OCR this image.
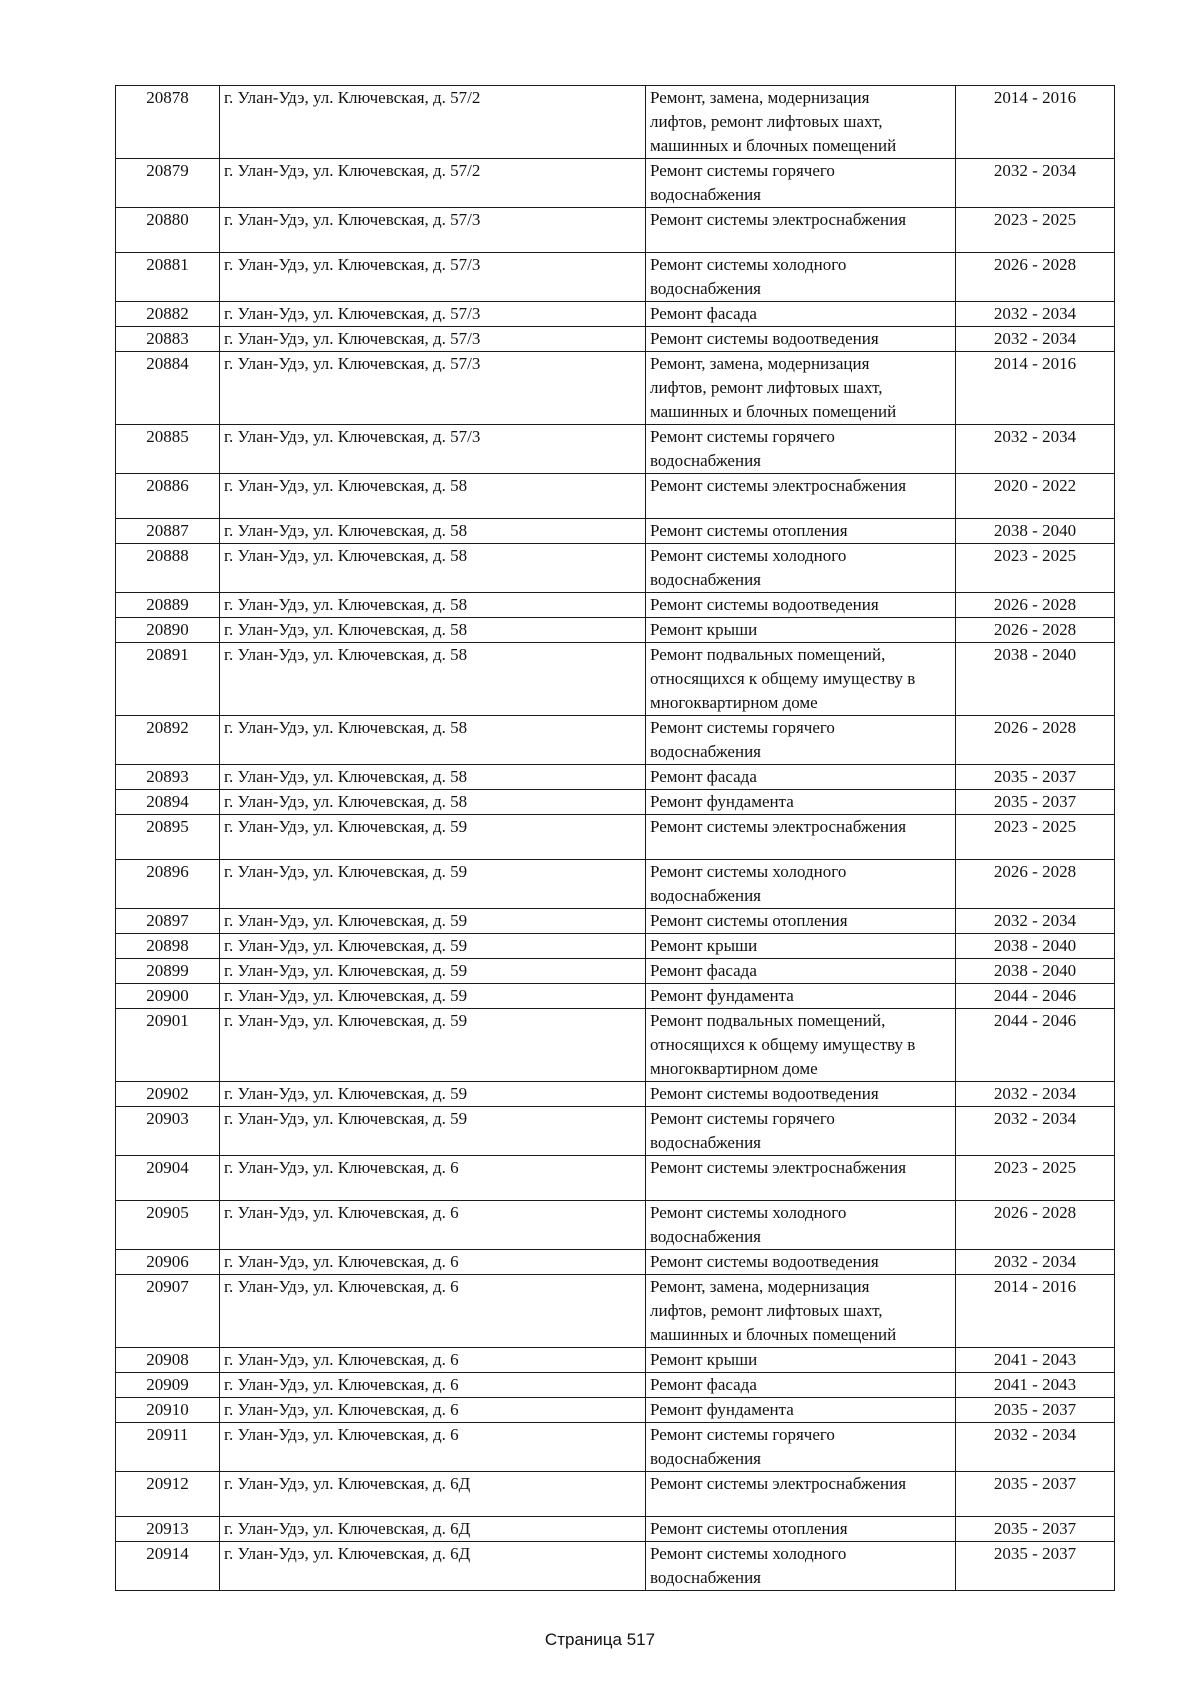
20878	г. Улан-Удэ, ул. Ключевская, д. 57/2	Ремонт, замена, модернизация
лифтов, ремонт лифтовых шахт,
машинных и блочных помещений	2014 - 2016
20879	г. Улан-Удэ, ул. Ключевская, д. 57/2	Ремонт системы горячего
водоснабжения	2032 - 2034
20880	г. Улан-Удэ, ул. Ключевская, д. 57/3	Ремонт системы электроснабжения	2023 - 2025
20881	г. Улан-Удэ, ул. Ключевская, д. 57/3	Ремонт системы холодного
водоснабжения	2026 - 2028
20882	г. Улан-Удэ, ул. Ключевская, д. 57/3	Ремонт фасада	2032 - 2034
20883	г. Улан-Удэ, ул. Ключевская, д. 57/3	Ремонт системы водоотведения	2032 - 2034
20884	г. Улан-Удэ, ул. Ключевская, д. 57/3	Ремонт, замена, модернизация
лифтов, ремонт лифтовых шахт,
машинных и блочных помещений	2014 - 2016
20885	г. Улан-Удэ, ул. Ключевская, д. 57/3	Ремонт системы горячего
водоснабжения	2032 - 2034
20886	г. Улан-Удэ, ул. Ключевская, д. 58	Ремонт системы электроснабжения	2020 - 2022
20887	г. Улан-Удэ, ул. Ключевская, д. 58	Ремонт системы отопления	2038 - 2040
20888	г. Улан-Удэ, ул. Ключевская, д. 58	Ремонт системы холодного
водоснабжения	2023 - 2025
20889	г. Улан-Удэ, ул. Ключевская, д. 58	Ремонт системы водоотведения	2026 - 2028
20890	г. Улан-Удэ, ул. Ключевская, д. 58	Ремонт крыши	2026 - 2028
20891	г. Улан-Удэ, ул. Ключевская, д. 58	Ремонт подвальных помещений,
относящихся к общему имуществу в
многоквартирном доме	2038 - 2040
20892	г. Улан-Удэ, ул. Ключевская, д. 58	Ремонт системы горячего
водоснабжения	2026 - 2028
20893	г. Улан-Удэ, ул. Ключевская, д. 58	Ремонт фасада	2035 - 2037
20894	г. Улан-Удэ, ул. Ключевская, д. 58	Ремонт фундамента	2035 - 2037
20895	г. Улан-Удэ, ул. Ключевская, д. 59	Ремонт системы электроснабжения	2023 - 2025
20896	г. Улан-Удэ, ул. Ключевская, д. 59	Ремонт системы холодного
водоснабжения	2026 - 2028
20897	г. Улан-Удэ, ул. Ключевская, д. 59	Ремонт системы отопления	2032 - 2034
20898	г. Улан-Удэ, ул. Ключевская, д. 59	Ремонт крыши	2038 - 2040
20899	г. Улан-Удэ, ул. Ключевская, д. 59	Ремонт фасада	2038 - 2040
20900	г. Улан-Удэ, ул. Ключевская, д. 59	Ремонт фундамента	2044 - 2046
20901	г. Улан-Удэ, ул. Ключевская, д. 59	Ремонт подвальных помещений,
относящихся к общему имуществу в
многоквартирном доме	2044 - 2046
20902	г. Улан-Удэ, ул. Ключевская, д. 59	Ремонт системы водоотведения	2032 - 2034
20903	г. Улан-Удэ, ул. Ключевская, д. 59	Ремонт системы горячего
водоснабжения	2032 - 2034
20904	г. Улан-Удэ, ул. Ключевская, д. 6	Ремонт системы электроснабжения	2023 - 2025
20905	г. Улан-Удэ, ул. Ключевская, д. 6	Ремонт системы холодного
водоснабжения	2026 - 2028
20906	г. Улан-Удэ, ул. Ключевская, д. 6	Ремонт системы водоотведения	2032 - 2034
20907	г. Улан-Удэ, ул. Ключевская, д. 6	Ремонт, замена, модернизация
лифтов, ремонт лифтовых шахт,
машинных и блочных помещений	2014 - 2016
20908	г. Улан-Удэ, ул. Ключевская, д. 6	Ремонт крыши	2041 - 2043
20909	г. Улан-Удэ, ул. Ключевская, д. 6	Ремонт фасада	2041 - 2043
20910	г. Улан-Удэ, ул. Ключевская, д. 6	Ремонт фундамента	2035 - 2037
20911	г. Улан-Удэ, ул. Ключевская, д. 6	Ремонт системы горячего
водоснабжения	2032 - 2034
20912	г. Улан-Удэ, ул. Ключевская, д. 6Д	Ремонт системы электроснабжения	2035 - 2037
20913	г. Улан-Удэ, ул. Ключевская, д. 6Д	Ремонт системы отопления	2035 - 2037
20914	г. Улан-Удэ, ул. Ключевская, д. 6Д	Ремонт системы холодного
водоснабжения	2035 - 2037
Страница 517
